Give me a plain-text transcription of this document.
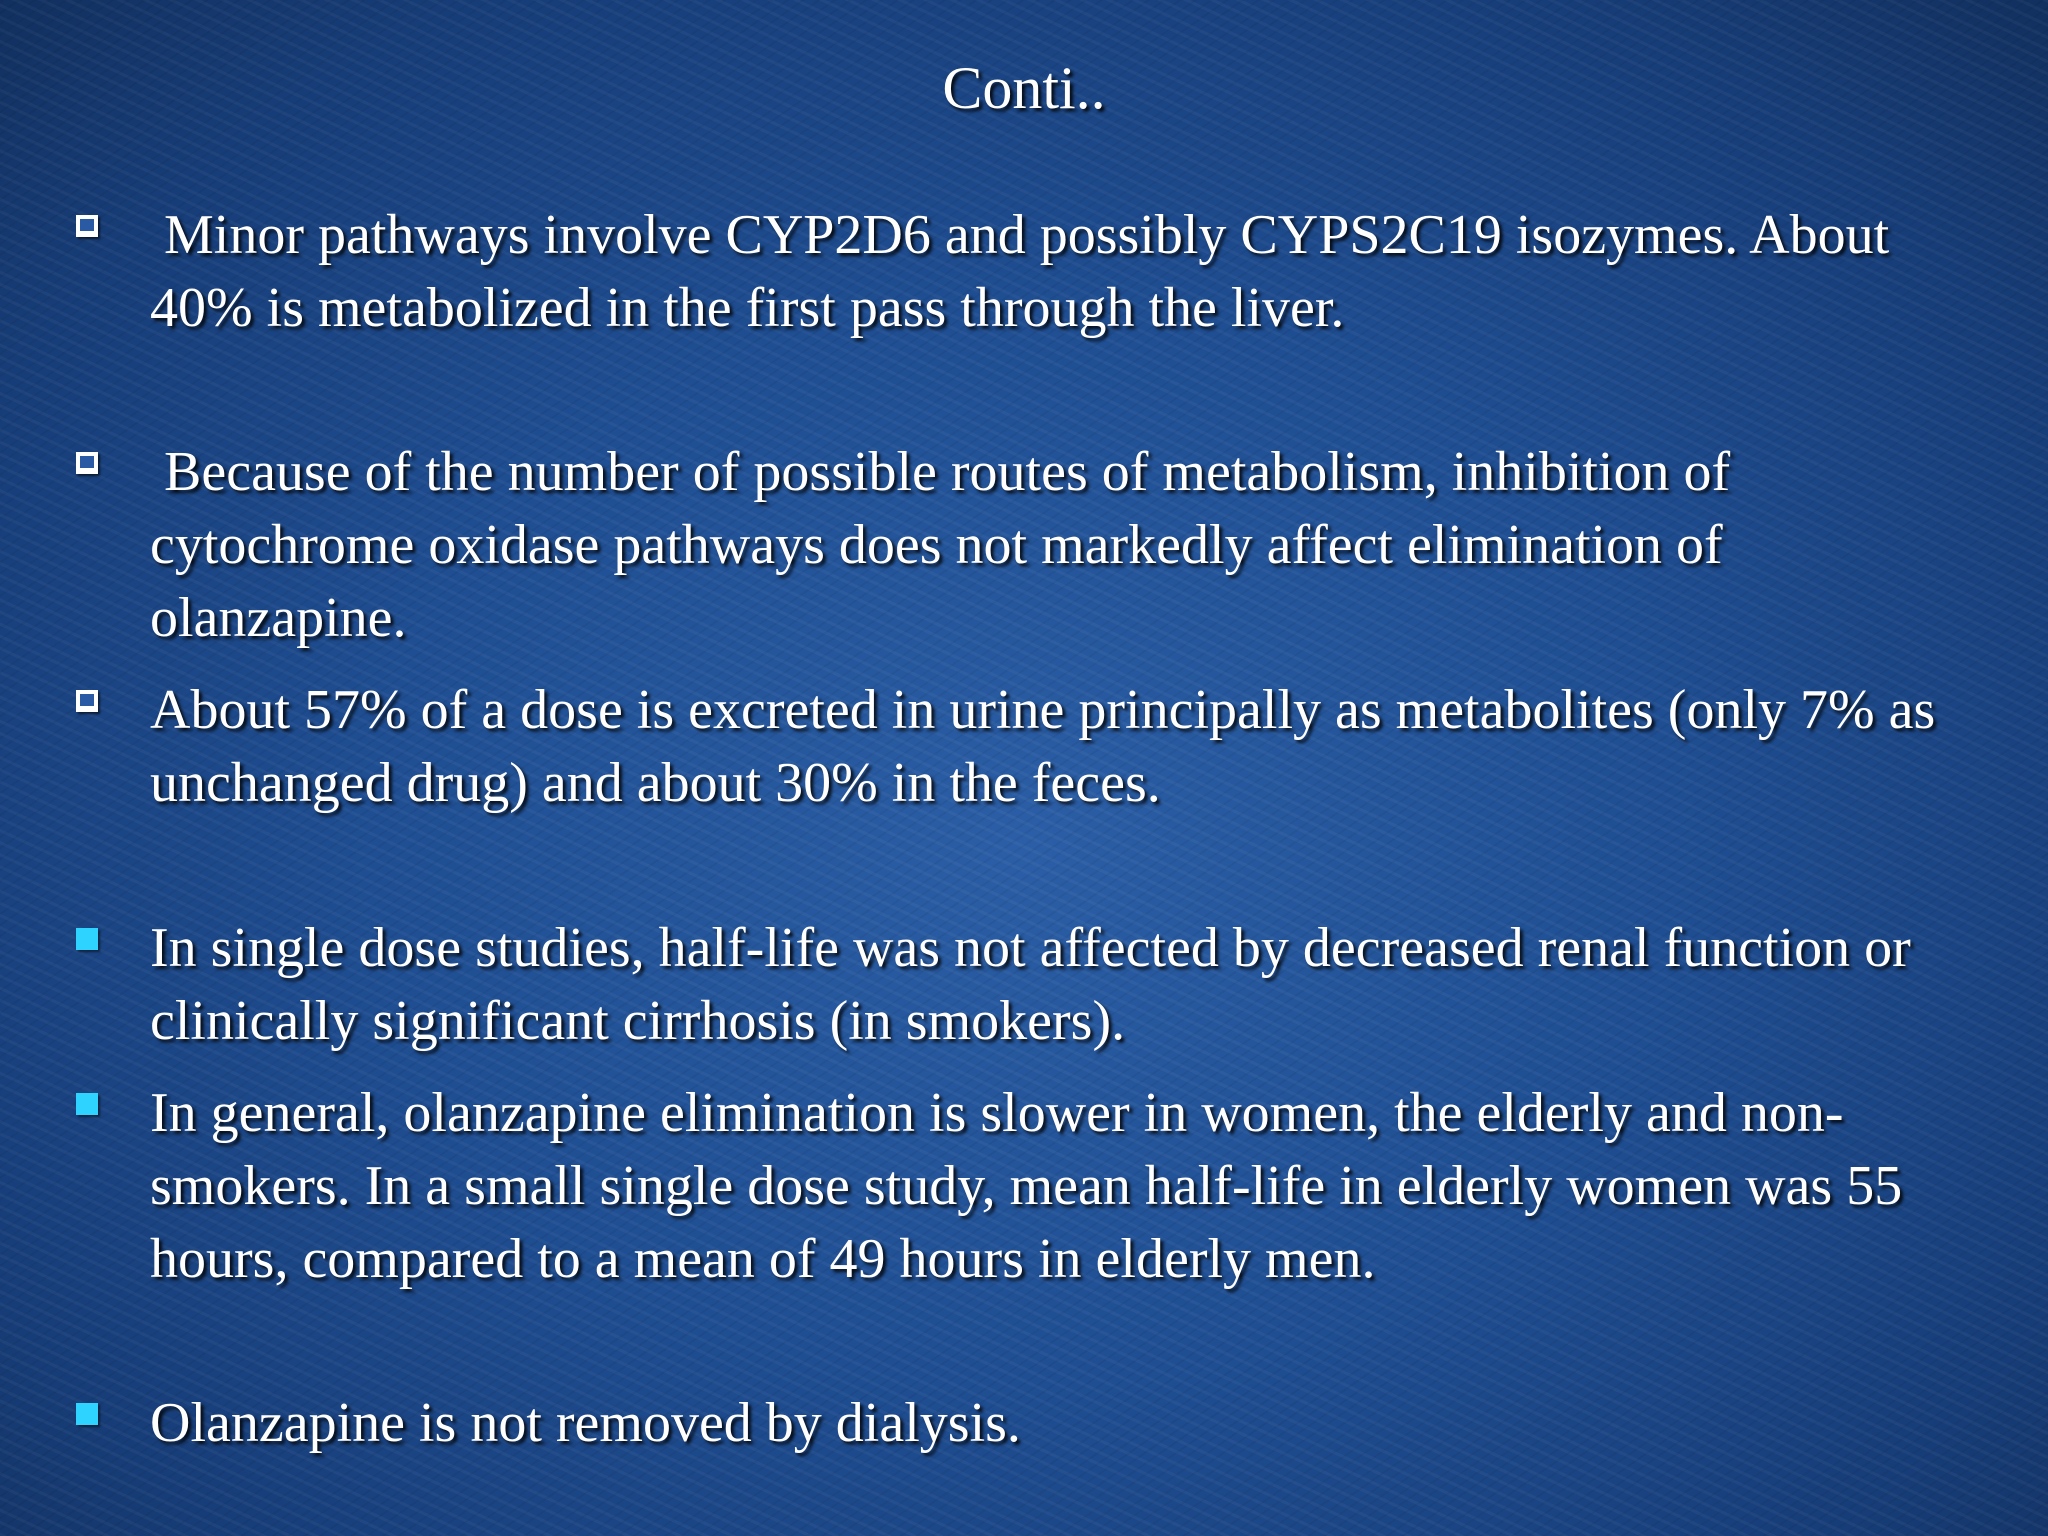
Conti..
Minor pathways involve CYP2D6 and possibly CYPS2C19 isozymes. About 40% is metabolized in the first pass through the liver.
Because of the number of possible routes of metabolism, inhibition of  cytochrome oxidase pathways does not markedly affect elimination of   olanzapine.
About 57% of a dose is excreted in urine principally as metabolites (only 7% as unchanged drug) and about 30% in the feces.
In single dose studies, half-life was not affected by decreased renal function or clinically significant cirrhosis (in smokers).
In general, olanzapine elimination is slower in women, the elderly and non-smokers. In a small single dose study, mean half-life in elderly women was 55 hours, compared to a mean of 49 hours in elderly men.
Olanzapine is not removed by dialysis.
